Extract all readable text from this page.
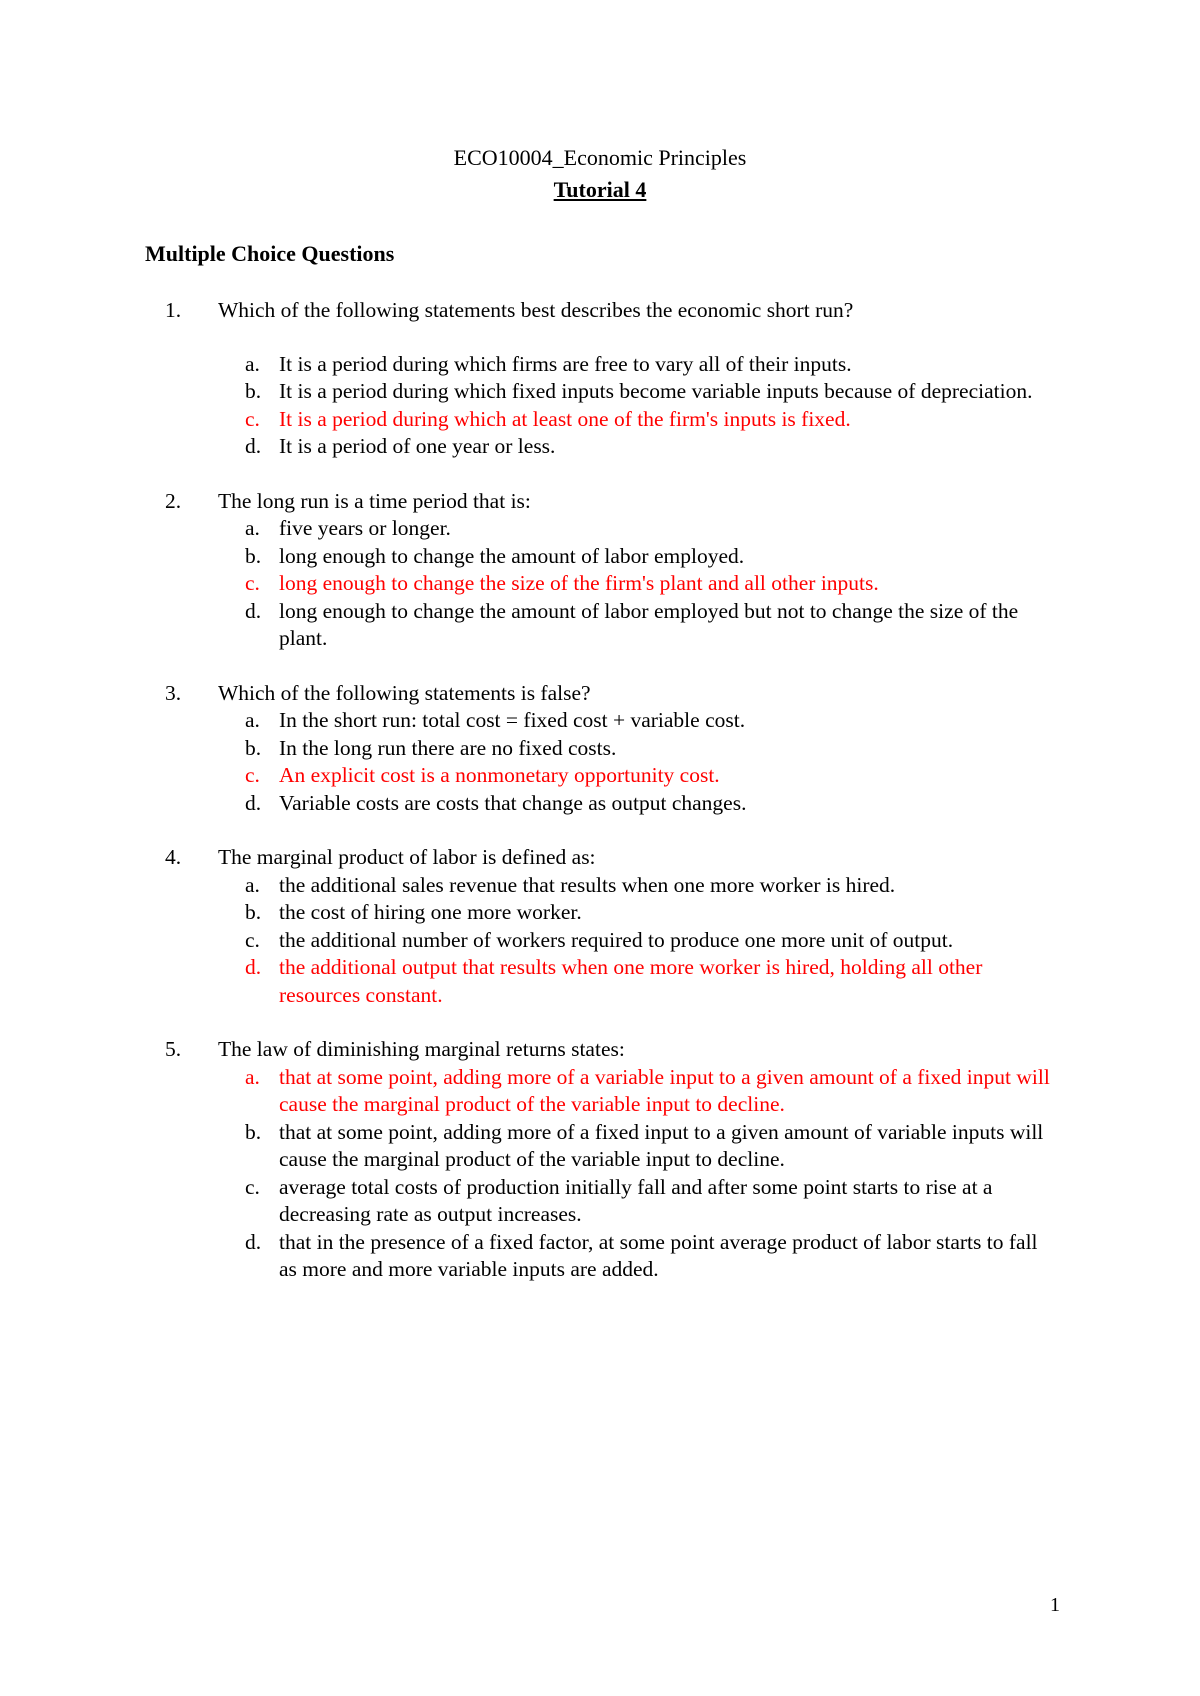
ECO10004_Economic Principles
Tutorial 4
Multiple Choice Questions
1.	Which of the following statements best describes the economic short run?
a. It is a period during which firms are free to vary all of their inputs.
b. It is a period during which fixed inputs become variable inputs because of depreciation.
c. It is a period during which at least one of the firm's inputs is fixed.
d. It is a period of one year or less.
2.	The long run is a time period that is:
a. five years or longer.
b. long enough to change the amount of labor employed.
c. long enough to change the size of the firm's plant and all other inputs.
d. long enough to change the amount of labor employed but not to change the size of the plant.
3.	Which of the following statements is false?
a. In the short run: total cost = fixed cost + variable cost.
b. In the long run there are no fixed costs.
c. An explicit cost is a nonmonetary opportunity cost.
d. Variable costs are costs that change as output changes.
4.	The marginal product of labor is defined as:
a. the additional sales revenue that results when one more worker is hired.
b. the cost of hiring one more worker.
c. the additional number of workers required to produce one more unit of output.
d. the additional output that results when one more worker is hired, holding all other resources constant.
5.	The law of diminishing marginal returns states:
a. that at some point, adding more of a variable input to a given amount of a fixed input will cause the marginal product of the variable input to decline.
b. that at some point, adding more of a fixed input to a given amount of variable inputs will cause the marginal product of the variable input to decline.
c. average total costs of production initially fall and after some point starts to rise at a decreasing rate as output increases.
d. that in the presence of a fixed factor, at some point average product of labor starts to fall as more and more variable inputs are added.
1
